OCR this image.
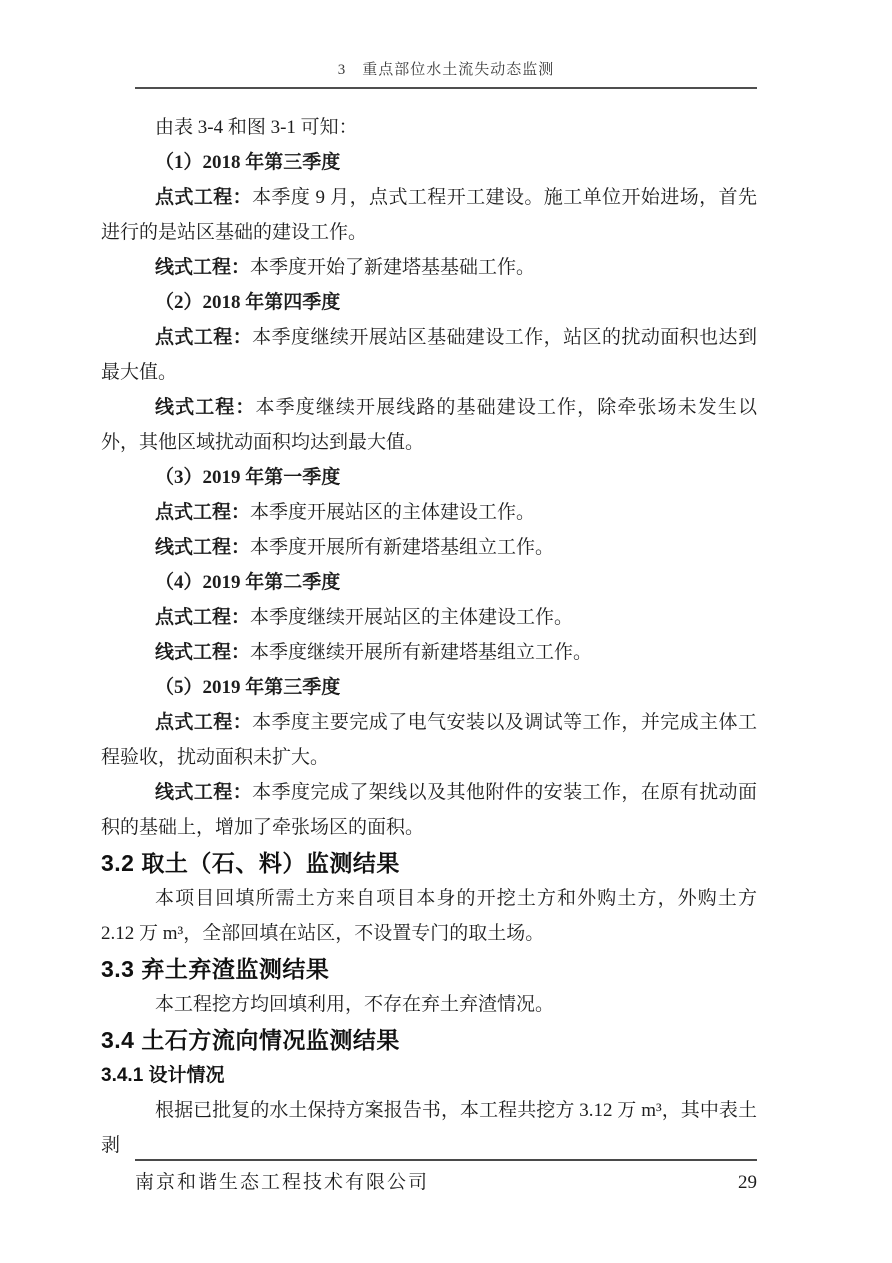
3　重点部位水土流失动态监测

由表 3-4 和图 3-1 可知：

（1）2018 年第三季度

点式工程：本季度 9 月，点式工程开工建设。施工单位开始进场，首先进行的是站区基础的建设工作。

线式工程：本季度开始了新建塔基基础工作。

（2）2018 年第四季度

点式工程：本季度继续开展站区基础建设工作，站区的扰动面积也达到最大值。

线式工程：本季度继续开展线路的基础建设工作，除牵张场未发生以外，其他区域扰动面积均达到最大值。

（3）2019 年第一季度

点式工程：本季度开展站区的主体建设工作。

线式工程：本季度开展所有新建塔基组立工作。

（4）2019 年第二季度

点式工程：本季度继续开展站区的主体建设工作。

线式工程：本季度继续开展所有新建塔基组立工作。

（5）2019 年第三季度

点式工程：本季度主要完成了电气安装以及调试等工作，并完成主体工程验收，扰动面积未扩大。

线式工程：本季度完成了架线以及其他附件的安装工作，在原有扰动面积的基础上，增加了牵张场区的面积。

3.2 取土（石、料）监测结果

本项目回填所需土方来自项目本身的开挖土方和外购土方，外购土方 2.12 万 m³，全部回填在站区，不设置专门的取土场。

3.3 弃土弃渣监测结果

本工程挖方均回填利用，不存在弃土弃渣情况。

3.4 土石方流向情况监测结果
3.4.1 设计情况

根据已批复的水土保持方案报告书，本工程共挖方 3.12 万 m³，其中表土剥

南京和谐生态工程技术有限公司	29
